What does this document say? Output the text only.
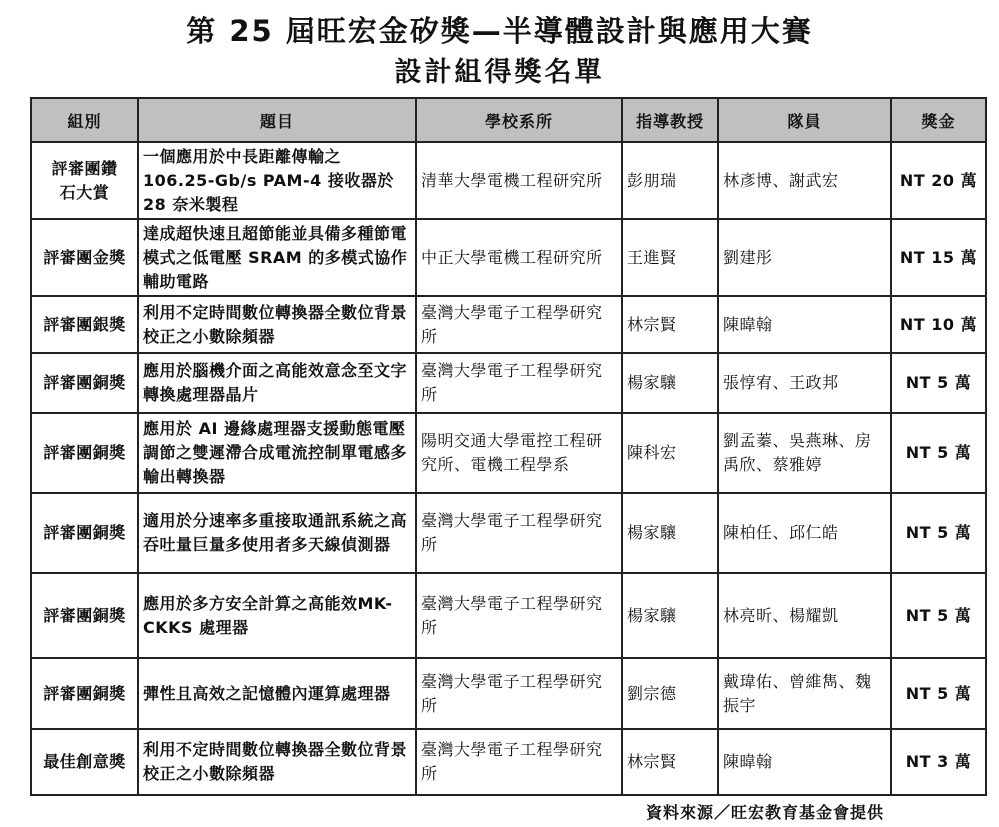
第 25 屆旺宏金矽獎—半導體設計與應用大賽
設計組得獎名單
組別	題目	學校系所	指導教授	隊員	獎金
評審團鑽石大賞	一個應用於中長距離傳輸之106.25-Gb/s PAM-4 接收器於28 奈米製程	清華大學電機工程研究所	彭朋瑞	林彥博、謝武宏	NT 20 萬
評審團金獎	達成超快速且超節能並具備多種節電模式之低電壓 SRAM 的多模式協作輔助電路	中正大學電機工程研究所	王進賢	劉建彤	NT 15 萬
評審團銀獎	利用不定時間數位轉換器全數位背景校正之小數除頻器	臺灣大學電子工程學研究所	林宗賢	陳暐翰	NT 10 萬
評審團銅獎	應用於腦機介面之高能效意念至文字轉換處理器晶片	臺灣大學電子工程學研究所	楊家驤	張惇宥、王政邦	NT 5 萬
評審團銅獎	應用於 AI 邊緣處理器支援動態電壓調節之雙遲滯合成電流控制單電感多輸出轉換器	陽明交通大學電控工程研究所、電機工程學系	陳科宏	劉孟蓁、吳燕琳、房禹欣、蔡雅婷	NT 5 萬
評審團銅獎	適用於分速率多重接取通訊系統之高吞吐量巨量多使用者多天線偵測器	臺灣大學電子工程學研究所	楊家驤	陳柏任、邱仁皓	NT 5 萬
評審團銅獎	應用於多方安全計算之高能效MK-CKKS 處理器	臺灣大學電子工程學研究所	楊家驤	林亮昕、楊耀凱	NT 5 萬
評審團銅獎	彈性且高效之記憶體內運算處理器	臺灣大學電子工程學研究所	劉宗德	戴瑋佑、曾維雋、魏振宇	NT 5 萬
最佳創意獎	利用不定時間數位轉換器全數位背景校正之小數除頻器	臺灣大學電子工程學研究所	林宗賢	陳暐翰	NT 3 萬
資料來源／旺宏教育基金會提供
